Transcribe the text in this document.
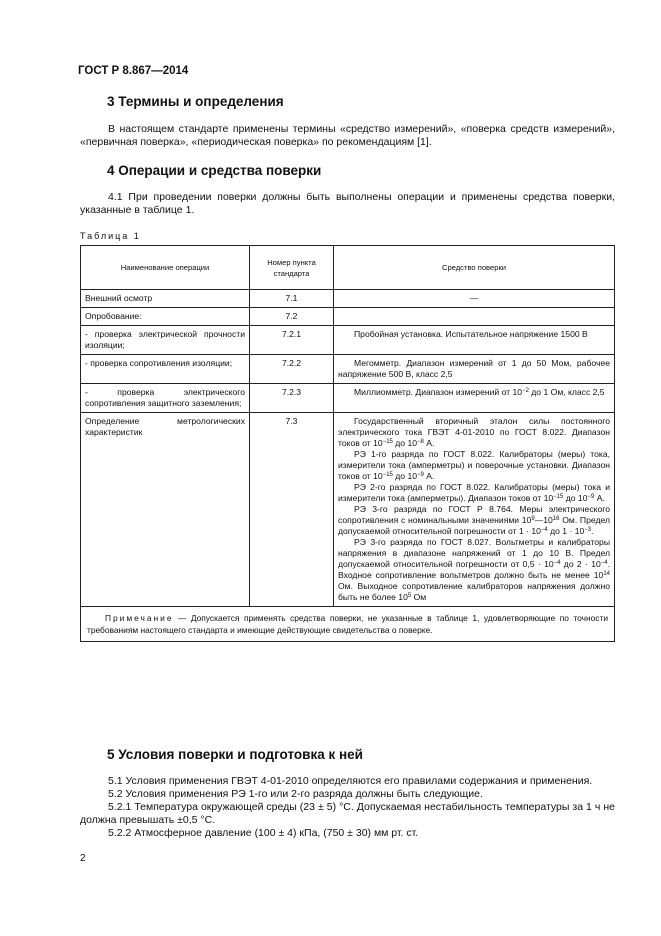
ГОСТ Р 8.867—2014
3 Термины и определения
В настоящем стандарте применены термины «средство измерений», «поверка средств измерений», «первичная поверка», «периодическая поверка» по рекомендациям [1].
4 Операции и средства поверки
4.1 При проведении поверки должны быть выполнены операции и применены средства поверки, указанные в таблице 1.
Таблица 1
Наименование операции	Номер пункта стандарта	Средство поверки
Внешний осмотр	7.1	—
Опробование:	7.2	
- проверка электрической прочности изоляции;	7.2.1	Пробойная установка. Испытательное напряжение 1500 В

- проверка сопротивления изоляции;	7.2.2	Мегомметр. Диапазон измерений от 1 до 50 Мом, рабочее напряжение 500 В, класс 2,5

- проверка электрического сопротивления защитного заземления;	7.2.3	Миллиомметр. Диапазон измерений от $10^{-2}$ до 1 Ом, класс 2,5

Определение метрологических характеристик	7.3	Государственный вторичный эталон силы постоянного электрического тока ГВЭТ 4-01-2010 по ГОСТ 8.022. Диапазон токов от $10^{-15}$ до $10^{-8}$ А.

РЭ 1-го разряда по ГОСТ 8.022. Калибраторы (меры) тока, измерители тока (амперметры) и поверочные установки. Диапазон токов от $10^{-15}$ до $10^{-9}$ А.

РЭ 2-го разряда по ГОСТ 8.022. Калибраторы (меры) тока и измерители тока (амперметры). Диапазон токов от $10^{-15}$ до $10^{-9}$ А.

РЭ 3-го разряда по ГОСТ Р 8.764. Меры электрического сопротивления с номинальными значениями $10^9—10^{16}$ Ом. Предел допускаемой относительной погрешности от $1 \cdot 10^{-4}$ до $1 \cdot 10^{-3}$.

РЭ 3-го разряда по ГОСТ 8.027. Вольтметры и калибраторы напряжения в диапазоне напряжений от 1 до 10 В. Предел допускаемой относительной погрешности от $0,5 \cdot 10^{-4}$ до $2 \cdot 10^{-4}$. Входное сопротивление вольтметров должно быть не менее $10^{14}$ Ом. Выходное сопротивление калибраторов напряжения должно быть не более $10^5$ Ом

Примечание — Допускается применять средства поверки, не указанные в таблице 1, удовлетворяющие по точности требованиям настоящего стандарта и имеющие действующие свидетельства о поверке.		
5 Условия поверки и подготовка к ней
5.1 Условия применения ГВЭТ 4-01-2010 определяются его правилами содержания и применения.
5.2 Условия применения РЭ 1-го или 2-го разряда должны быть следующие.
5.2.1 Температура окружающей среды (23 ± 5) °С. Допускаемая нестабильность температуры за 1 ч не должна превышать ±0,5 °С.
5.2.2 Атмосферное давление (100 ± 4) кПа, (750 ± 30) мм рт. ст.
2
